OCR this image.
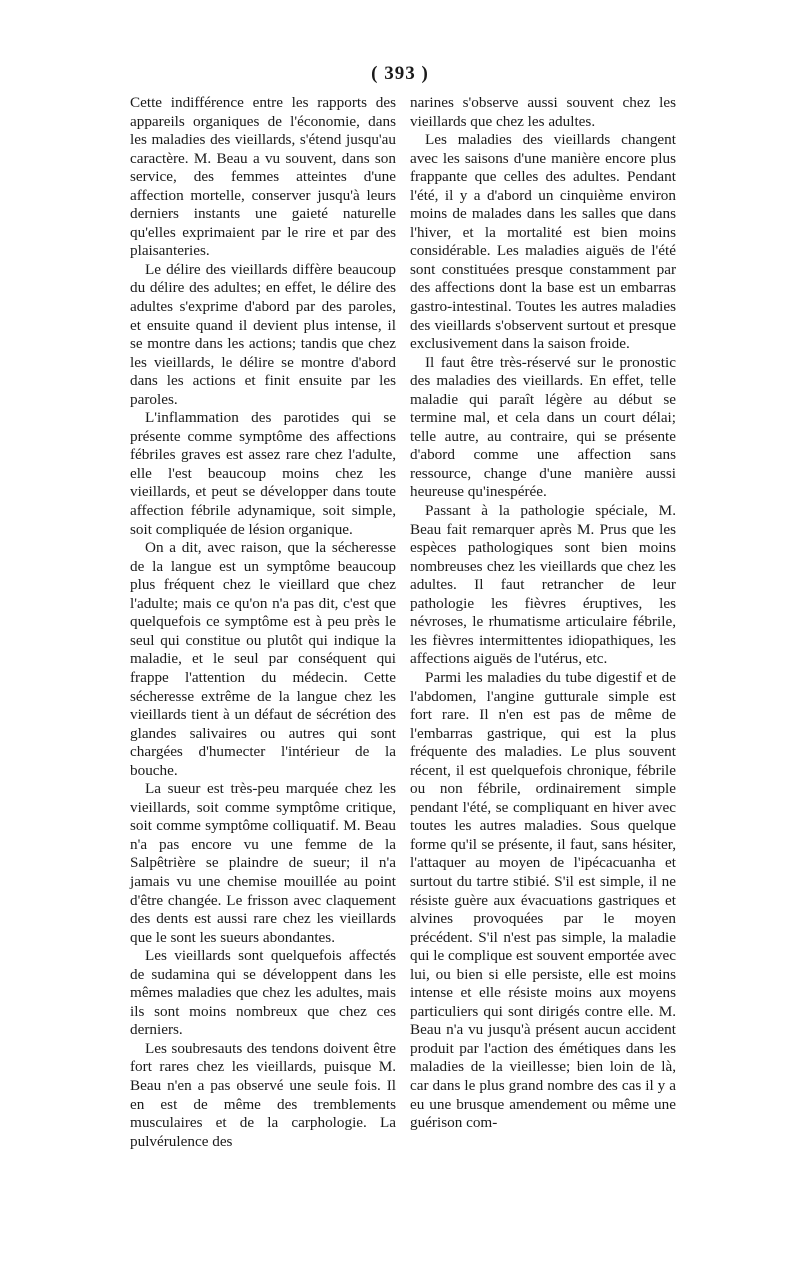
( 393 )

Cette indifférence entre les rapports des appareils organiques de l'économie, dans les maladies des vieillards, s'étend jusqu'au caractère. M. Beau a vu souvent, dans son service, des femmes atteintes d'une affection mortelle, conserver jusqu'à leurs derniers instants une gaieté naturelle qu'elles exprimaient par le rire et par des plaisanteries.

Le délire des vieillards diffère beaucoup du délire des adultes; en effet, le délire des adultes s'exprime d'abord par des paroles, et ensuite quand il devient plus intense, il se montre dans les actions; tandis que chez les vieillards, le délire se montre d'abord dans les actions et finit ensuite par les paroles.

L'inflammation des parotides qui se présente comme symptôme des affections fébriles graves est assez rare chez l'adulte, elle l'est beaucoup moins chez les vieillards, et peut se développer dans toute affection fébrile adynamique, soit simple, soit compliquée de lésion organique.

On a dit, avec raison, que la sécheresse de la langue est un symptôme beaucoup plus fréquent chez le vieillard que chez l'adulte; mais ce qu'on n'a pas dit, c'est que quelquefois ce symptôme est à peu près le seul qui constitue ou plutôt qui indique la maladie, et le seul par conséquent qui frappe l'attention du médecin. Cette sécheresse extrême de la langue chez les vieillards tient à un défaut de sécrétion des glandes salivaires ou autres qui sont chargées d'humecter l'intérieur de la bouche.

La sueur est très-peu marquée chez les vieillards, soit comme symptôme critique, soit comme symptôme colliquatif. M. Beau n'a pas encore vu une femme de la Salpêtrière se plaindre de sueur; il n'a jamais vu une chemise mouillée au point d'être changée. Le frisson avec claquement des dents est aussi rare chez les vieillards que le sont les sueurs abondantes.

Les vieillards sont quelquefois affectés de sudamina qui se développent dans les mêmes maladies que chez les adultes, mais ils sont moins nombreux que chez ces derniers.

Les soubresauts des tendons doivent être fort rares chez les vieillards, puisque M. Beau n'en a pas observé une seule fois. Il en est de même des tremblements musculaires et de la carphologie. La pulvérulence des

narines s'observe aussi souvent chez les vieillards que chez les adultes.

Les maladies des vieillards changent avec les saisons d'une manière encore plus frappante que celles des adultes. Pendant l'été, il y a d'abord un cinquième environ moins de malades dans les salles que dans l'hiver, et la mortalité est bien moins considérable. Les maladies aiguës de l'été sont constituées presque constamment par des affections dont la base est un embarras gastro-intestinal. Toutes les autres maladies des vieillards s'observent surtout et presque exclusivement dans la saison froide.

Il faut être très-réservé sur le pronostic des maladies des vieillards. En effet, telle maladie qui paraît légère au début se termine mal, et cela dans un court délai; telle autre, au contraire, qui se présente d'abord comme une affection sans ressource, change d'une manière aussi heureuse qu'inespérée.

Passant à la pathologie spéciale, M. Beau fait remarquer après M. Prus que les espèces pathologiques sont bien moins nombreuses chez les vieillards que chez les adultes. Il faut retrancher de leur pathologie les fièvres éruptives, les névroses, le rhumatisme articulaire fébrile, les fièvres intermittentes idiopathiques, les affections aiguës de l'utérus, etc.

Parmi les maladies du tube digestif et de l'abdomen, l'angine gutturale simple est fort rare. Il n'en est pas de même de l'embarras gastrique, qui est la plus fréquente des maladies. Le plus souvent récent, il est quelquefois chronique, fébrile ou non fébrile, ordinairement simple pendant l'été, se compliquant en hiver avec toutes les autres maladies. Sous quelque forme qu'il se présente, il faut, sans hésiter, l'attaquer au moyen de l'ipécacuanha et surtout du tartre stibié. S'il est simple, il ne résiste guère aux évacuations gastriques et alvines provoquées par le moyen précédent. S'il n'est pas simple, la maladie qui le complique est souvent emportée avec lui, ou bien si elle persiste, elle est moins intense et elle résiste moins aux moyens particuliers qui sont dirigés contre elle. M. Beau n'a vu jusqu'à présent aucun accident produit par l'action des émétiques dans les maladies de la vieillesse; bien loin de là, car dans le plus grand nombre des cas il y a eu une brusque amendement ou même une guérison com-
